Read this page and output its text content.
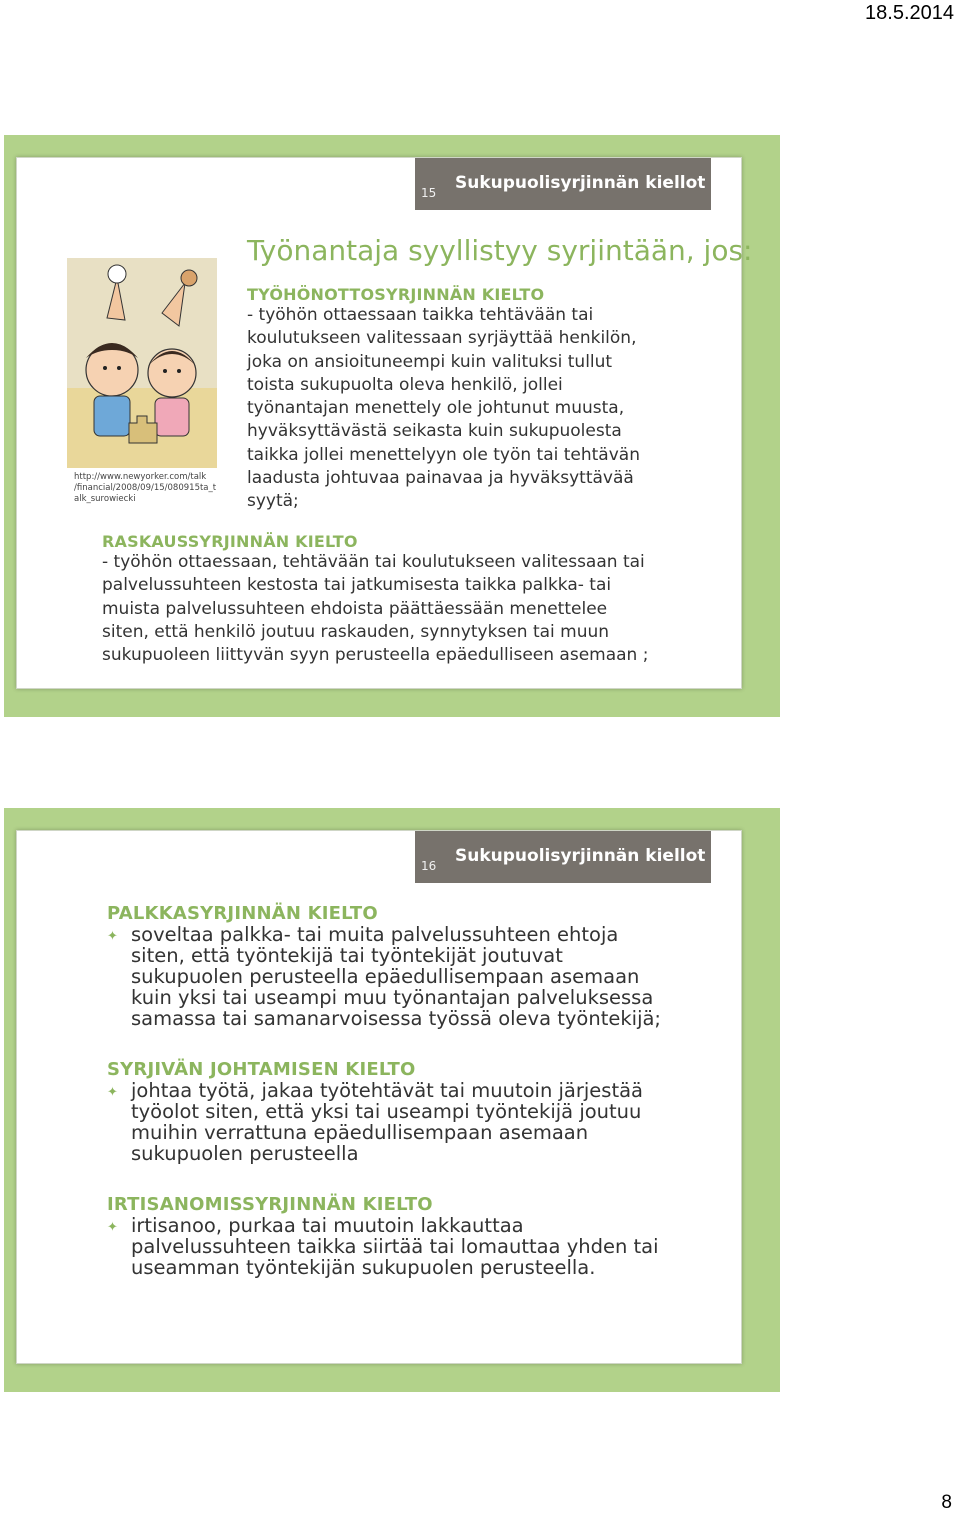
18.5.2014
15 Sukupuolisyrjinnän kiellot
Työnantaja syyllistyy syrjintään, jos:
http://www.newyorker.com/talk
/financial/2008/09/15/080915ta_t
alk_surowiecki
TYÖHÖNOTTOSYRJINNÄN KIELTO
- työhön ottaessaan taikka tehtävään tai
koulutukseen valitessaan syrjäyttää henkilön,
joka on ansioituneempi kuin valituksi tullut
toista sukupuolta oleva henkilö, jollei
työnantajan menettely ole johtunut muusta,
hyväksyttävästä seikasta kuin sukupuolesta
taikka jollei menettelyyn ole työn tai tehtävän
laadusta johtuvaa painavaa ja hyväksyttävää
syytä;
RASKAUSSYRJINNÄN KIELTO
- työhön ottaessaan, tehtävään tai koulutukseen valitessaan tai
palvelussuhteen kestosta tai jatkumisesta taikka palkka- tai
muista palvelussuhteen ehdoista päättäessään menettelee
siten, että henkilö joutuu raskauden, synnytyksen tai muun
sukupuoleen liittyvän syyn perusteella epäedulliseen asemaan ;
16 Sukupuolisyrjinnän kiellot
PALKKASYRJINNÄN KIELTO
✦ soveltaa palkka- tai muita palvelussuhteen ehtoja
siten, että työntekijä tai työntekijät joutuvat
sukupuolen perusteella epäedullisempaan asemaan
kuin yksi tai useampi muu työnantajan palveluksessa
samassa tai samanarvoisessa työssä oleva työntekijä;
SYRJIVÄN JOHTAMISEN KIELTO
✦ johtaa työtä, jakaa työtehtävät tai muutoin järjestää
työolot siten, että yksi tai useampi työntekijä joutuu
muihin verrattuna epäedullisempaan asemaan
sukupuolen perusteella
IRTISANOMISSYRJINNÄN KIELTO
✦ irtisanoo, purkaa tai muutoin lakkauttaa
palvelussuhteen taikka siirtää tai lomauttaa yhden tai
useamman työntekijän sukupuolen perusteella.
8
